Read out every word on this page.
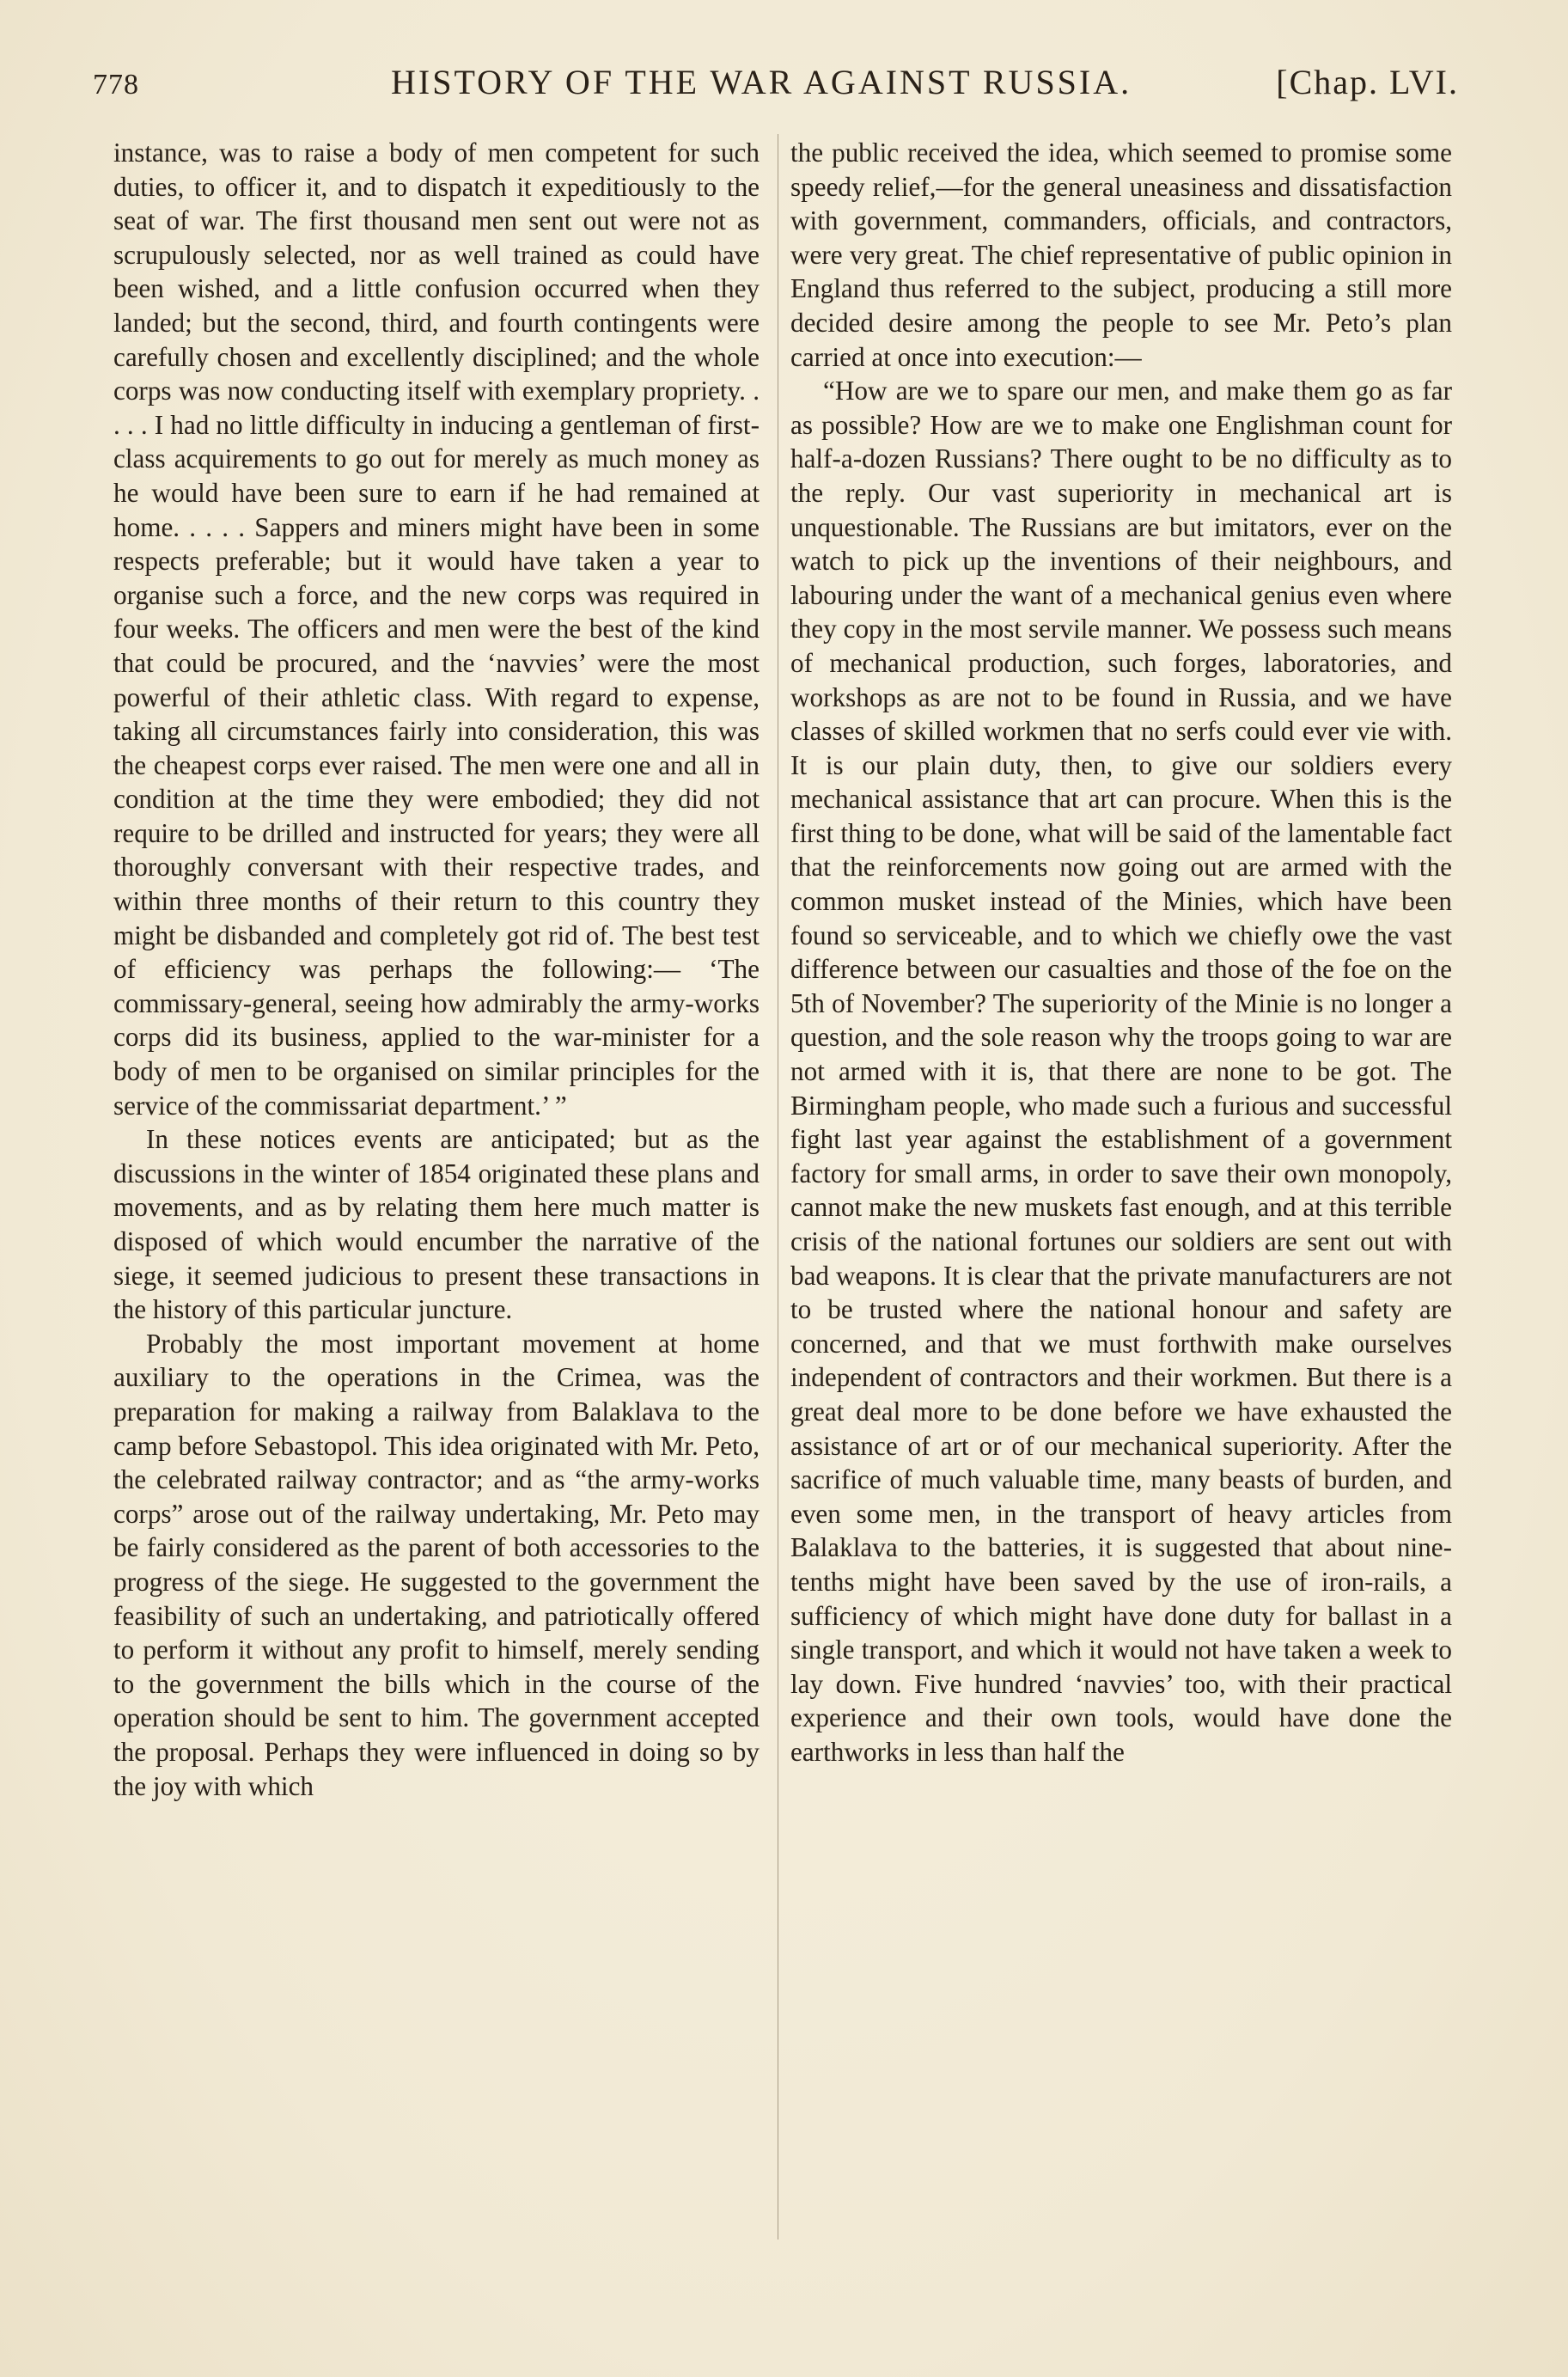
778	HISTORY OF THE WAR AGAINST RUSSIA.	[Chap. LVI.

instance, was to raise a body of men competent for such duties, to officer it, and to dispatch it expeditiously to the seat of war. The first thousand men sent out were not as scrupulously selected, nor as well trained as could have been wished, and a little confusion occurred when they landed; but the second, third, and fourth contingents were carefully chosen and excellently disciplined; and the whole corps was now conducting itself with exemplary propriety. . . . . I had no little difficulty in inducing a gentleman of first-class acquirements to go out for merely as much money as he would have been sure to earn if he had remained at home. . . . . Sappers and miners might have been in some respects preferable; but it would have taken a year to organise such a force, and the new corps was required in four weeks. The officers and men were the best of the kind that could be procured, and the ‘navvies’ were the most powerful of their athletic class. With regard to expense, taking all circumstances fairly into consideration, this was the cheapest corps ever raised. The men were one and all in condition at the time they were embodied; they did not require to be drilled and instructed for years; they were all thoroughly conversant with their respective trades, and within three months of their return to this country they might be disbanded and completely got rid of. The best test of efficiency was perhaps the following:— ‘The commissary-general, seeing how admirably the army-works corps did its business, applied to the war-minister for a body of men to be organised on similar principles for the service of the commissariat department.’ ”

In these notices events are anticipated; but as the discussions in the winter of 1854 originated these plans and movements, and as by relating them here much matter is disposed of which would encumber the narrative of the siege, it seemed judicious to present these transactions in the history of this particular juncture.

Probably the most important movement at home auxiliary to the operations in the Crimea, was the preparation for making a railway from Balaklava to the camp before Sebastopol. This idea originated with Mr. Peto, the celebrated railway contractor; and as “the army-works corps” arose out of the railway undertaking, Mr. Peto may be fairly considered as the parent of both accessories to the progress of the siege. He suggested to the government the feasibility of such an undertaking, and patriotically offered to perform it without any profit to himself, merely sending to the government the bills which in the course of the operation should be sent to him. The government accepted the proposal. Perhaps they were influenced in doing so by the joy with which

the public received the idea, which seemed to promise some speedy relief,—for the general uneasiness and dissatisfaction with government, commanders, officials, and contractors, were very great. The chief representative of public opinion in England thus referred to the subject, producing a still more decided desire among the people to see Mr. Peto’s plan carried at once into execution:—

“How are we to spare our men, and make them go as far as possible? How are we to make one Englishman count for half-a-dozen Russians? There ought to be no difficulty as to the reply. Our vast superiority in mechanical art is unquestionable. The Russians are but imitators, ever on the watch to pick up the inventions of their neighbours, and labouring under the want of a mechanical genius even where they copy in the most servile manner. We possess such means of mechanical production, such forges, laboratories, and workshops as are not to be found in Russia, and we have classes of skilled workmen that no serfs could ever vie with. It is our plain duty, then, to give our soldiers every mechanical assistance that art can procure. When this is the first thing to be done, what will be said of the lamentable fact that the reinforcements now going out are armed with the common musket instead of the Minies, which have been found so serviceable, and to which we chiefly owe the vast difference between our casualties and those of the foe on the 5th of November? The superiority of the Minie is no longer a question, and the sole reason why the troops going to war are not armed with it is, that there are none to be got. The Birmingham people, who made such a furious and successful fight last year against the establishment of a government factory for small arms, in order to save their own monopoly, cannot make the new muskets fast enough, and at this terrible crisis of the national fortunes our soldiers are sent out with bad weapons. It is clear that the private manufacturers are not to be trusted where the national honour and safety are concerned, and that we must forthwith make ourselves independent of contractors and their workmen. But there is a great deal more to be done before we have exhausted the assistance of art or of our mechanical superiority. After the sacrifice of much valuable time, many beasts of burden, and even some men, in the transport of heavy articles from Balaklava to the batteries, it is suggested that about nine-tenths might have been saved by the use of iron-rails, a sufficiency of which might have done duty for ballast in a single transport, and which it would not have taken a week to lay down. Five hundred ‘navvies’ too, with their practical experience and their own tools, would have done the earthworks in less than half the
